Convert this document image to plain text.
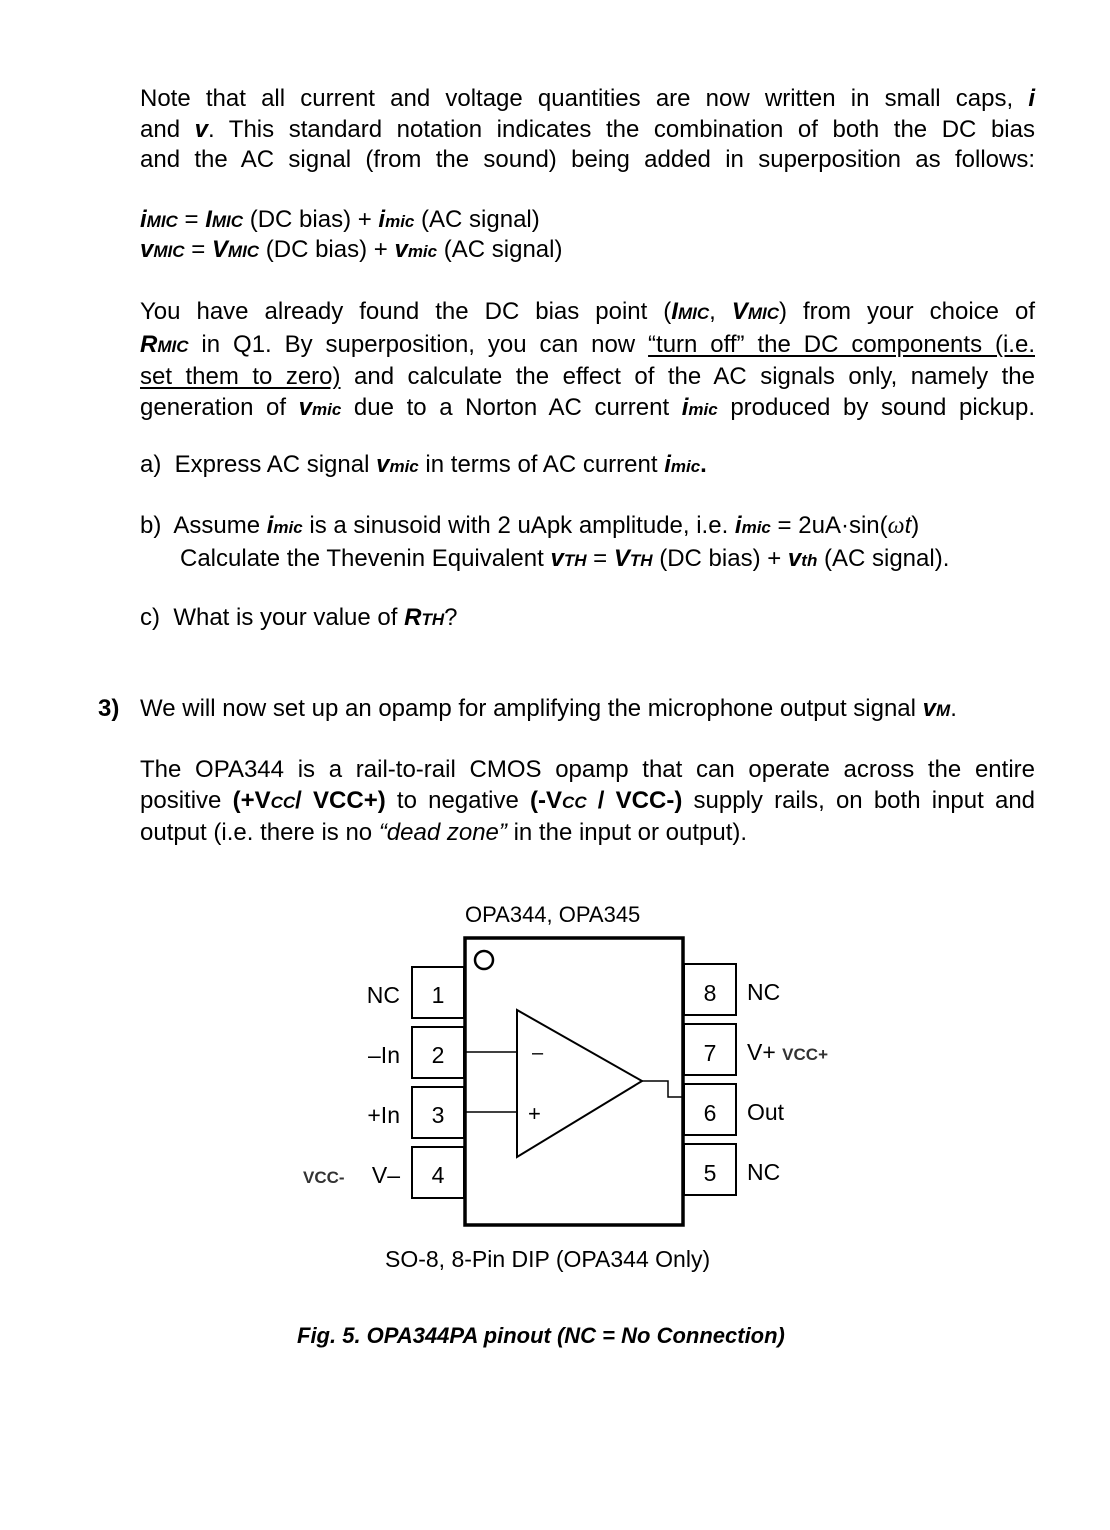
Note that all current and voltage quantities are now written in small caps, i
and v. This standard notation indicates the combination of both the DC bias
and the AC signal (from the sound) being added in superposition as follows:
iMIC = IMIC (DC bias) + imic (AC signal)
vMIC = VMIC (DC bias) + vmic (AC signal)
You have already found the DC bias point (IMIC, VMIC) from your choice of
RMIC in Q1. By superposition, you can now “turn off” the DC components (i.e.
set them to zero) and calculate the effect of the AC signals only, namely the
generation of vmic due to a Norton AC current imic produced by sound pickup.
a)  Express AC signal vmic in terms of AC current imic.
b)  Assume imic is a sinusoid with 2 uApk amplitude, i.e. imic = 2uA·sin(ωt)
Calculate the Thevenin Equivalent vTH = VTH (DC bias) + vth (AC signal).
c)  What is your value of RTH?
3) We will now set up an opamp for amplifying the microphone output signal vM.
The OPA344 is a rail-to-rail CMOS opamp that can operate across the entire
positive (+VCC/ VCC+) to negative (-VCC / VCC-) supply rails, on both input and
output (i.e. there is no “dead zone” in the input or output).
–
+
OPA344, OPA345
NC
–In
+In
V–
VCC-
1
2
3
4
8
7
6
5
NC
V+ VCC+
Out
NC
SO-8, 8-Pin DIP (OPA344 Only)
Fig. 5. OPA344PA pinout (NC = No Connection)
